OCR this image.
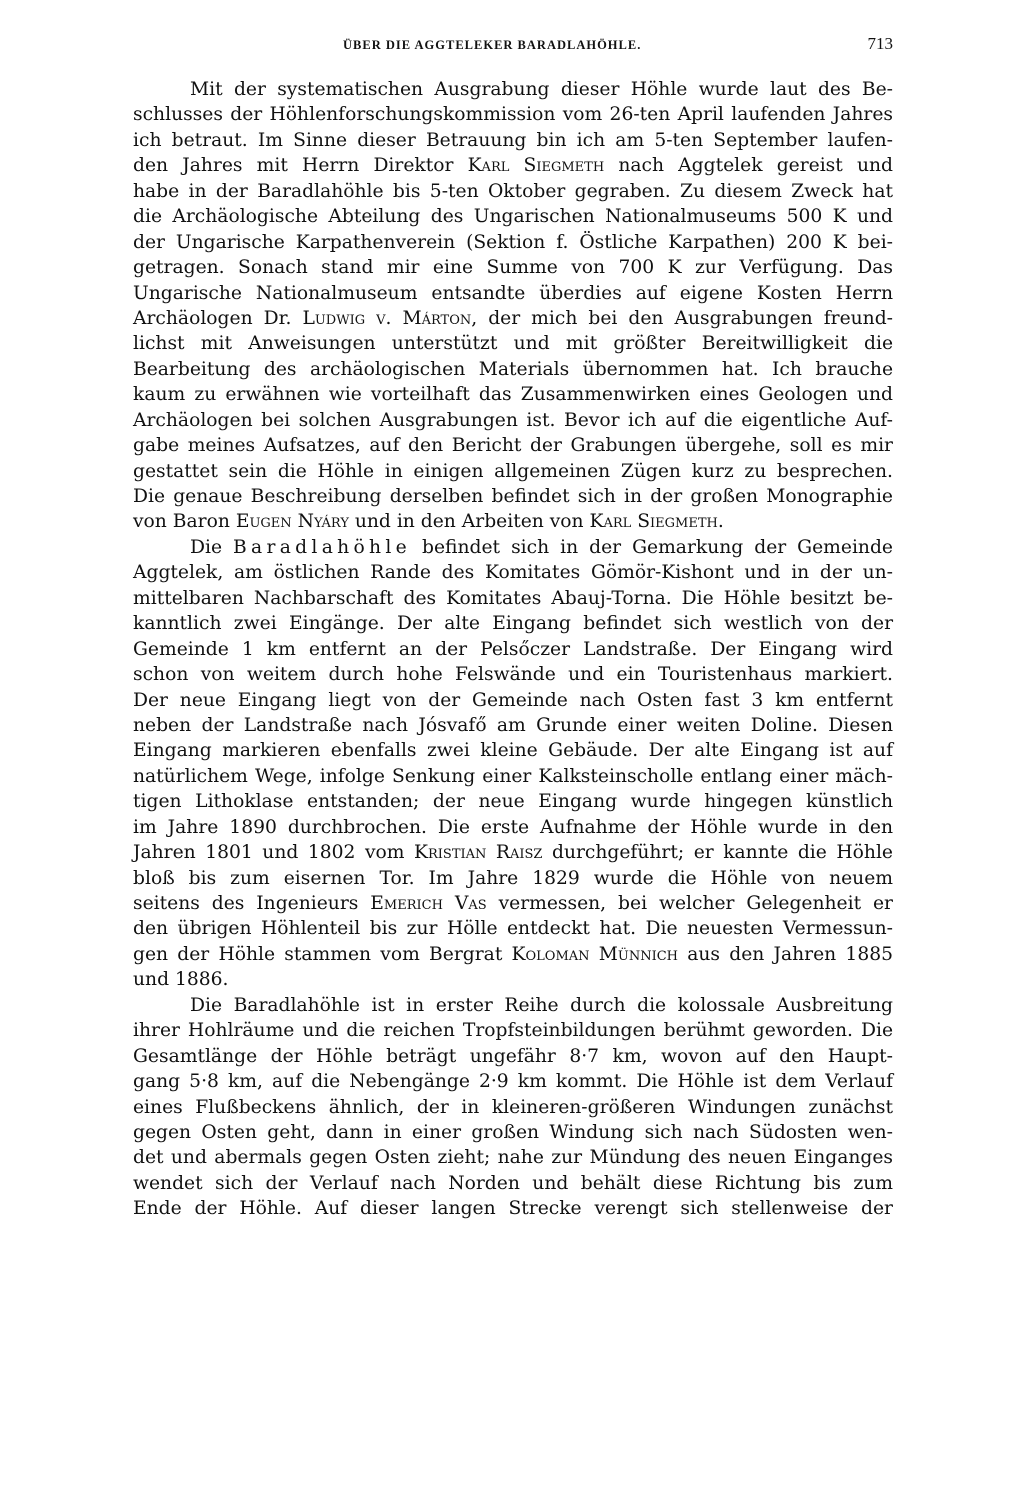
ÜBER DIE AGGTELEKER BARADLAHÖHLE.	713
Mit der systematischen Ausgrabung dieser Höhle wurde laut des Be-
schlusses der Höhlenforschungskommission vom 26-ten April laufenden Jahres
ich betraut. Im Sinne dieser Betrauung bin ich am 5-ten September laufen-
den Jahres mit Herrn Direktor Karl Siegmeth nach Aggtelek gereist und
habe in der Baradlahöhle bis 5-ten Oktober gegraben. Zu diesem Zweck hat
die Archäologische Abteilung des Ungarischen Nationalmuseums 500 K und
der Ungarische Karpathenverein (Sektion f. Östliche Karpathen) 200 K bei-
getragen. Sonach stand mir eine Summe von 700 K zur Verfügung. Das
Ungarische Nationalmuseum entsandte überdies auf eigene Kosten Herrn
Archäologen Dr. Ludwig v. Márton, der mich bei den Ausgrabungen freund-
lichst mit Anweisungen unterstützt und mit größter Bereitwilligkeit die
Bearbeitung des archäologischen Materials übernommen hat. Ich brauche
kaum zu erwähnen wie vorteilhaft das Zusammenwirken eines Geologen und
Archäologen bei solchen Ausgrabungen ist. Bevor ich auf die eigentliche Auf-
gabe meines Aufsatzes, auf den Bericht der Grabungen übergehe, soll es mir
gestattet sein die Höhle in einigen allgemeinen Zügen kurz zu besprechen.
Die genaue Beschreibung derselben befindet sich in der großen Monographie
von Baron Eugen Nyáry und in den Arbeiten von Karl Siegmeth.
Die Baradlahöhle befindet sich in der Gemarkung der Gemeinde
Aggtelek, am östlichen Rande des Komitates Gömör-Kishont und in der un-
mittelbaren Nachbarschaft des Komitates Abauj-Torna. Die Höhle besitzt be-
kanntlich zwei Eingänge. Der alte Eingang befindet sich westlich von der
Gemeinde 1 km entfernt an der Pelsőczer Landstraße. Der Eingang wird
schon von weitem durch hohe Felswände und ein Touristenhaus markiert.
Der neue Eingang liegt von der Gemeinde nach Osten fast 3 km entfernt
neben der Landstraße nach Jósvafő am Grunde einer weiten Doline. Diesen
Eingang markieren ebenfalls zwei kleine Gebäude. Der alte Eingang ist auf
natürlichem Wege, infolge Senkung einer Kalksteinscholle entlang einer mäch-
tigen Lithoklase entstanden; der neue Eingang wurde hingegen künstlich
im Jahre 1890 durchbrochen. Die erste Aufnahme der Höhle wurde in den
Jahren 1801 und 1802 vom Kristian Raisz durchgeführt; er kannte die Höhle
bloß bis zum eisernen Tor. Im Jahre 1829 wurde die Höhle von neuem
seitens des Ingenieurs Emerich Vas vermessen, bei welcher Gelegenheit er
den übrigen Höhlenteil bis zur Hölle entdeckt hat. Die neuesten Vermessun-
gen der Höhle stammen vom Bergrat Koloman Münnich aus den Jahren 1885
und 1886.
Die Baradlahöhle ist in erster Reihe durch die kolossale Ausbreitung
ihrer Hohlräume und die reichen Tropfsteinbildungen berühmt geworden. Die
Gesamtlänge der Höhle beträgt ungefähr 8·7 km, wovon auf den Haupt-
gang 5·8 km, auf die Nebengänge 2·9 km kommt. Die Höhle ist dem Verlauf
eines Flußbeckens ähnlich, der in kleineren-größeren Windungen zunächst
gegen Osten geht, dann in einer großen Windung sich nach Südosten wen-
det und abermals gegen Osten zieht; nahe zur Mündung des neuen Einganges
wendet sich der Verlauf nach Norden und behält diese Richtung bis zum
Ende der Höhle. Auf dieser langen Strecke verengt sich stellenweise der
